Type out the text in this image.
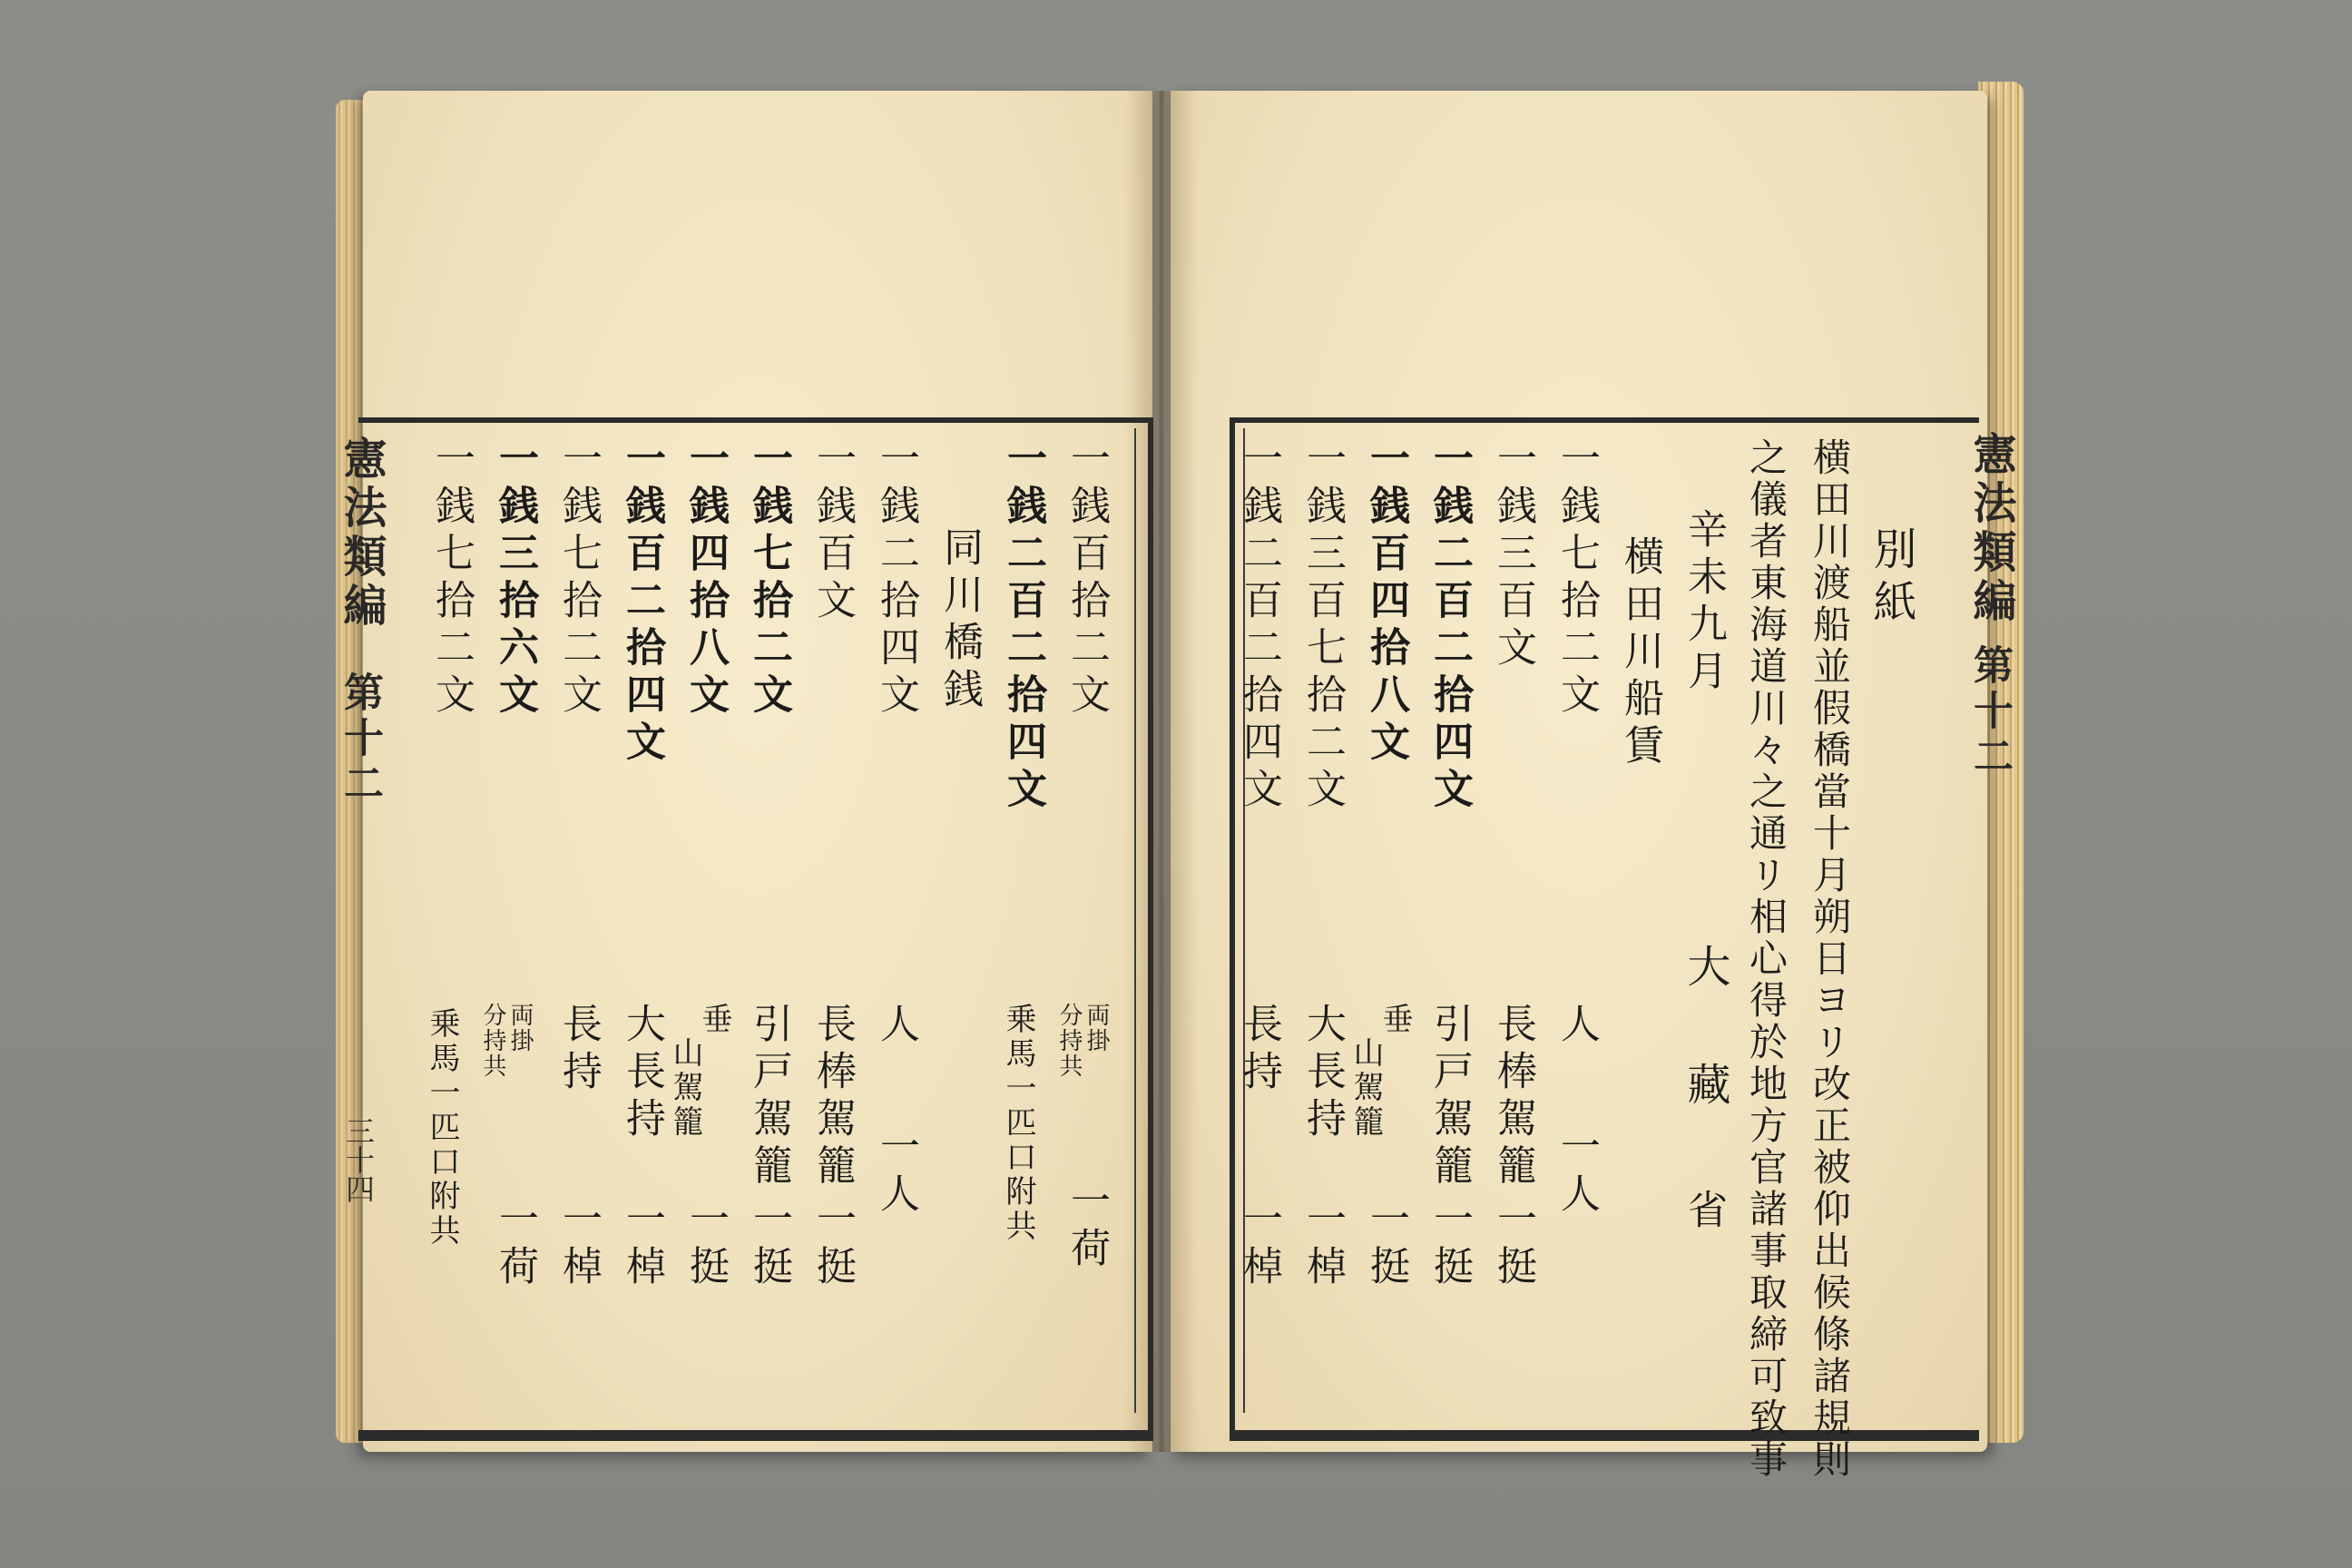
憲法類編
第十二
三十四
憲法類編
第十二
一銭百拾二文
一銭二百二拾四文
同川橋銭
一銭二拾四文
一銭百文
一銭七拾二文
一銭四拾八文
一銭百二拾四文
一銭七拾二文
一銭三拾六文
一銭七拾二文
両掛
分持共
一荷
乗馬一匹口附共
人
一人
長棒駕籠
一挺
引戸駕籠
一挺
垂
山駕籠
一挺
大長持
一棹
長持
一棹
両掛
分持共
一荷
乗馬一匹口附共
別紙
横田川渡船並假橋當十月朔日ヨリ改正被仰出候條諸規則
之儀者東海道川々之通リ相心得於地方官諸事取締可致事
辛未九月
大
藏
省
横田川船賃
一銭七拾二文
一銭三百文
一銭二百二拾四文
一銭百四拾八文
一銭三百七拾二文
一銭二百二拾四文
人
一人
長棒駕籠
一挺
引戸駕籠
一挺
垂
山駕籠
一挺
大長持
一棹
長持
一棹
